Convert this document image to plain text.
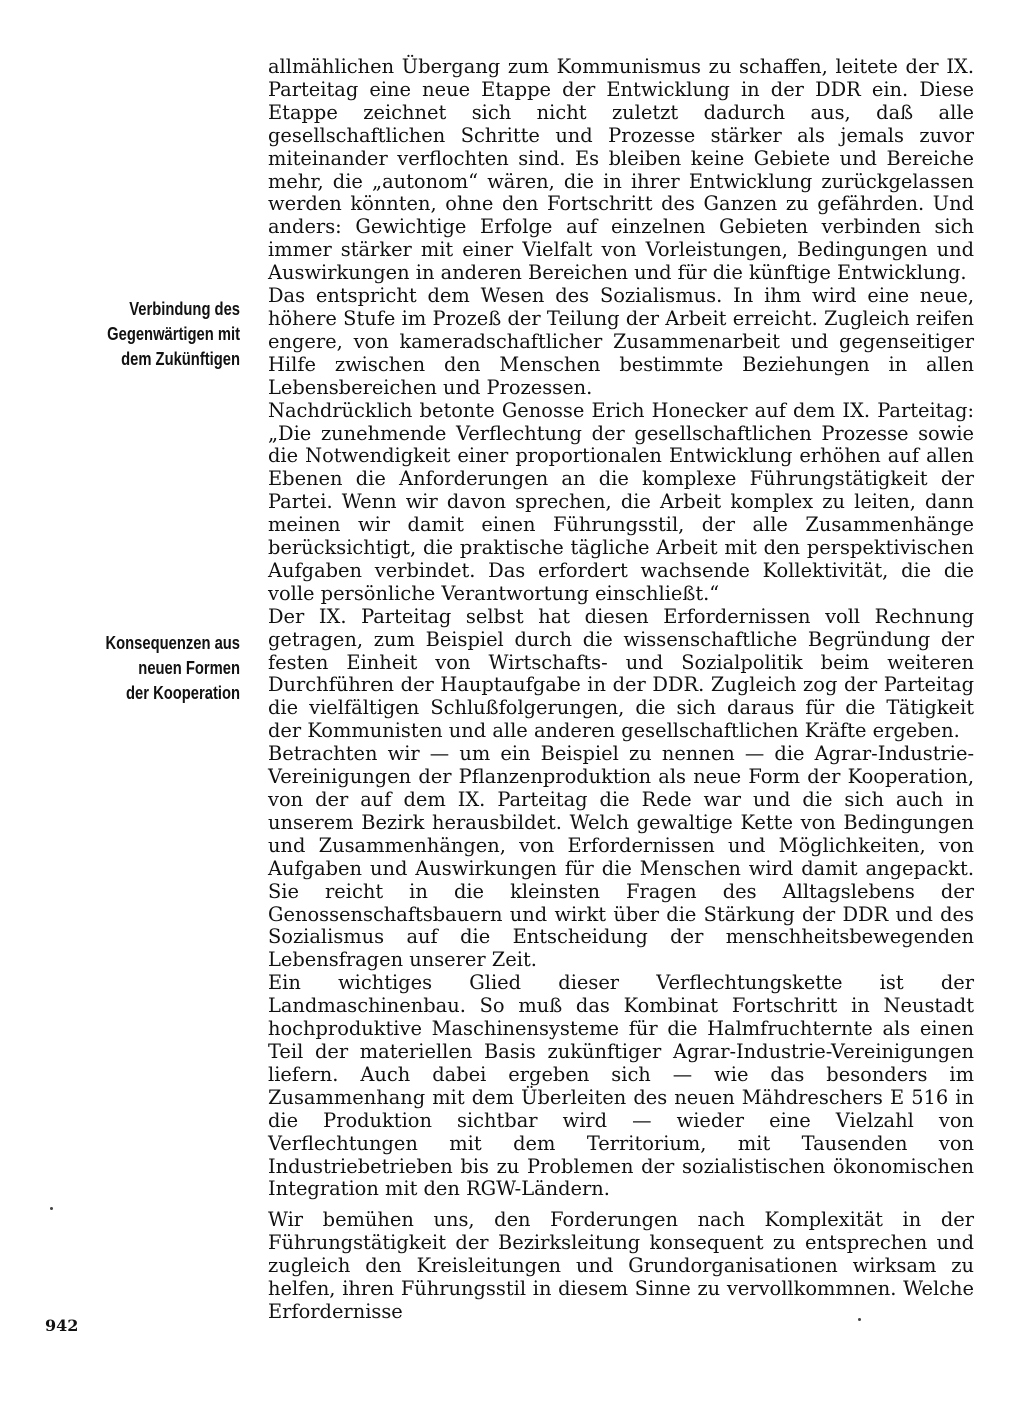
Verbindung des
Gegenwärtigen mit
dem Zukünftigen
Konsequenzen aus
neuen Formen
der Kooperation

allmählichen Übergang zum Kommunismus zu schaffen, leitete der IX. Parteitag eine neue Etappe der Entwicklung in der DDR ein. Diese Etappe zeichnet sich nicht zuletzt dadurch aus, daß alle gesellschaftlichen Schritte und Prozesse stärker als jemals zuvor miteinander verflochten sind. Es bleiben keine Gebiete und Bereiche mehr, die „autonom“ wären, die in ihrer Entwicklung zurückgelassen werden könnten, ohne den Fortschritt des Ganzen zu gefährden. Und anders: Gewichtige Erfolge auf einzelnen Gebieten verbinden sich immer stärker mit einer Vielfalt von Vorleistungen, Bedingungen und Auswirkungen in anderen Bereichen und für die künftige Entwicklung.

Das entspricht dem Wesen des Sozialismus. In ihm wird eine neue, höhere Stufe im Prozeß der Teilung der Arbeit erreicht. Zugleich reifen engere, von kameradschaftlicher Zusammenarbeit und gegenseitiger Hilfe zwischen den Menschen bestimmte Beziehungen in allen Lebensbereichen und Prozessen.

Nachdrücklich betonte Genosse Erich Honecker auf dem IX. Parteitag: „Die zunehmende Verflechtung der gesellschaftlichen Prozesse sowie die Notwendigkeit einer proportionalen Entwicklung erhöhen auf allen Ebenen die Anforderungen an die komplexe Führungstätigkeit der Partei. Wenn wir davon sprechen, die Arbeit komplex zu leiten, dann meinen wir damit einen Führungsstil, der alle Zusammenhänge berücksichtigt, die praktische tägliche Arbeit mit den perspektivischen Aufgaben verbindet. Das erfordert wachsende Kollektivität, die die volle persönliche Verantwortung einschließt.“

Der IX. Parteitag selbst hat diesen Erfordernissen voll Rechnung getragen, zum Beispiel durch die wissenschaftliche Begründung der festen Einheit von Wirtschafts- und Sozialpolitik beim weiteren Durchführen der Hauptaufgabe in der DDR. Zugleich zog der Parteitag die vielfältigen Schlußfolgerungen, die sich daraus für die Tätigkeit der Kommunisten und alle anderen gesellschaftlichen Kräfte ergeben.

Betrachten wir — um ein Beispiel zu nennen — die Agrar-Industrie-Vereinigungen der Pflanzenproduktion als neue Form der Kooperation, von der auf dem IX. Parteitag die Rede war und die sich auch in unserem Bezirk herausbildet. Welch gewaltige Kette von Bedingungen und Zusammenhängen, von Erfordernissen und Möglichkeiten, von Aufgaben und Auswirkungen für die Menschen wird damit angepackt. Sie reicht in die kleinsten Fragen des Alltagslebens der Genossenschaftsbauern und wirkt über die Stärkung der DDR und des Sozialismus auf die Entscheidung der menschheitsbewegenden Lebensfragen unserer Zeit.

Ein wichtiges Glied dieser Verflechtungskette ist der Landmaschinenbau. So muß das Kombinat Fortschritt in Neustadt hochproduktive Maschinensysteme für die Halmfruchternte als einen Teil der materiellen Basis zukünftiger Agrar-Industrie-Vereinigungen liefern. Auch dabei ergeben sich — wie das besonders im Zusammenhang mit dem Überleiten des neuen Mähdreschers E 516 in die Produktion sichtbar wird — wieder eine Vielzahl von Verflechtungen mit dem Territorium, mit Tausenden von Industriebetrieben bis zu Problemen der sozialistischen ökonomischen Integration mit den RGW-Ländern.

Wir bemühen uns, den Forderungen nach Komplexität in der Führungstätigkeit der Bezirksleitung konsequent zu entsprechen und zugleich den Kreisleitungen und Grundorganisationen wirksam zu helfen, ihren Führungsstil in diesem Sinne zu vervollkommnen. Welche Erfordernisse

942
